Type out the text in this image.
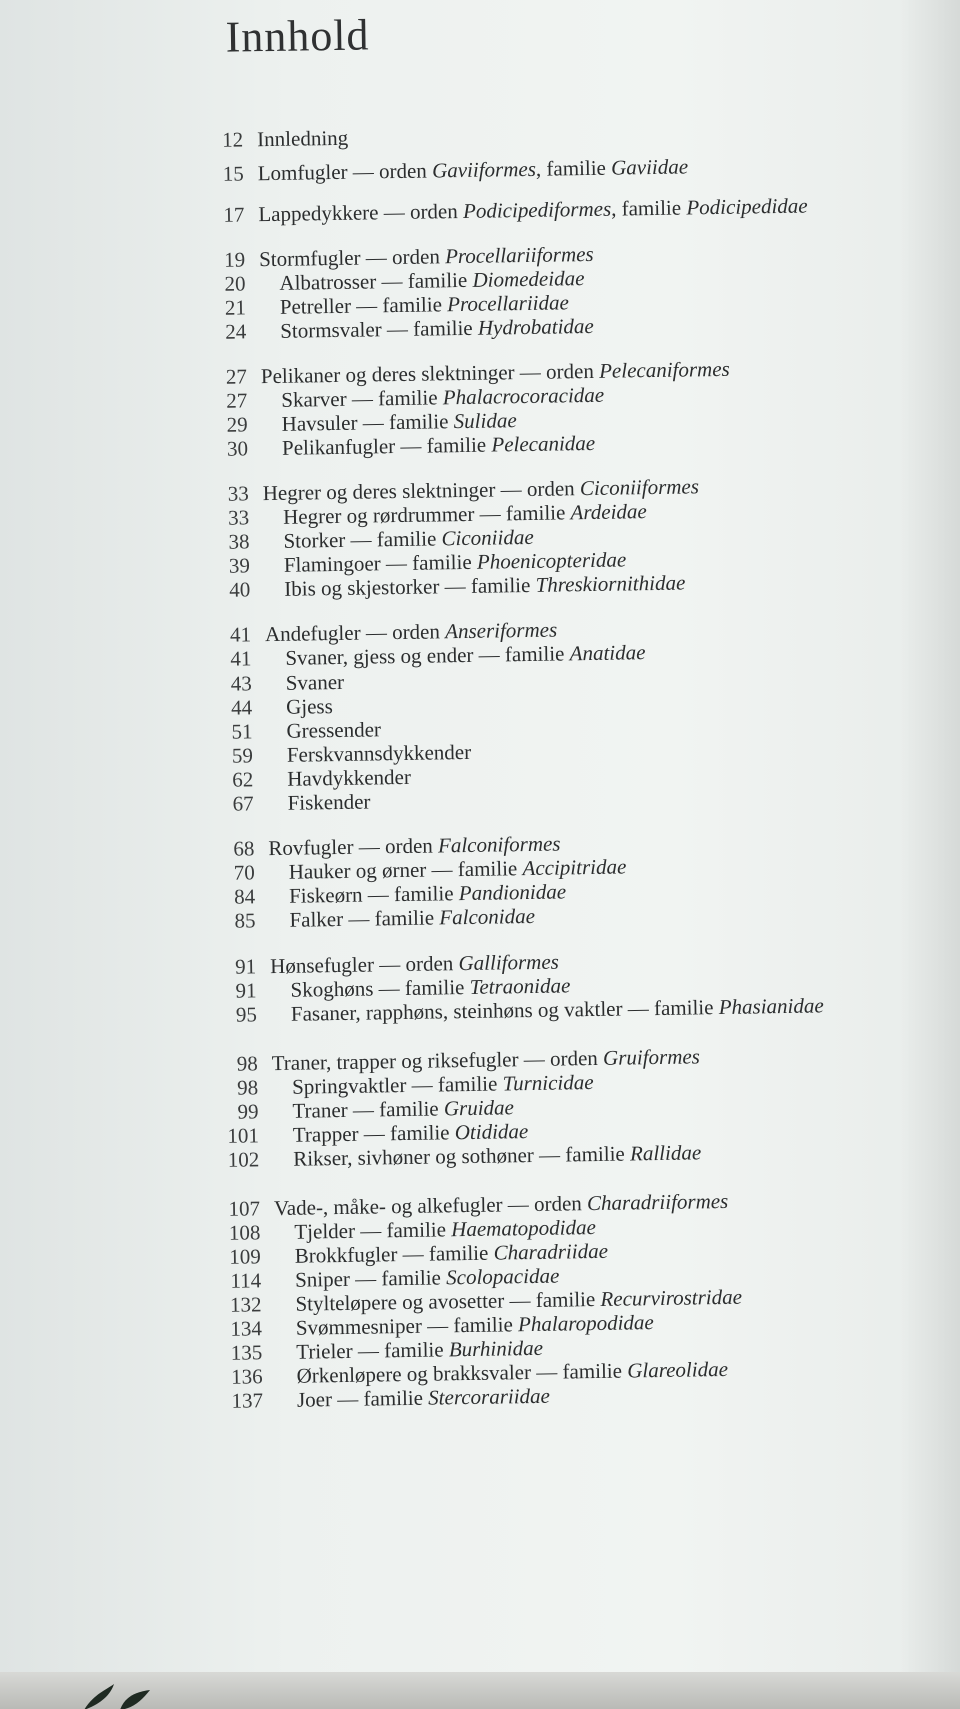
Innhold
12 Innledning
15 Lomfugler — orden Gaviiformes, familie Gaviidae
17 Lappedykkere — orden Podicipediformes, familie Podicipedidae
19 Stormfugler — orden Procellariiformes
20 Albatrosser — familie Diomedeidae
21 Petreller — familie Procellariidae
24 Stormsvaler — familie Hydrobatidae
27 Pelikaner og deres slektninger — orden Pelecaniformes
27 Skarver — familie Phalacrocoracidae
29 Havsuler — familie Sulidae
30 Pelikanfugler — familie Pelecanidae
33 Hegrer og deres slektninger — orden Ciconiiformes
33 Hegrer og rørdrummer — familie Ardeidae
38 Storker — familie Ciconiidae
39 Flamingoer — familie Phoenicopteridae
40 Ibis og skjestorker — familie Threskiornithidae
41 Andefugler — orden Anseriformes
41 Svaner, gjess og ender — familie Anatidae
43 Svaner
44 Gjess
51 Gressender
59 Ferskvannsdykkender
62 Havdykkender
67 Fiskender
68 Rovfugler — orden Falconiformes
70 Hauker og ørner — familie Accipitridae
84 Fiskeørn — familie Pandionidae
85 Falker — familie Falconidae
91 Hønsefugler — orden Galliformes
91 Skoghøns — familie Tetraonidae
95 Fasaner, rapphøns, steinhøns og vaktler — familie Phasianidae
98 Traner, trapper og riksefugler — orden Gruiformes
98 Springvaktler — familie Turnicidae
99 Traner — familie Gruidae
101 Trapper — familie Otididae
102 Rikser, sivhøner og sothøner — familie Rallidae
107 Vade-, måke- og alkefugler — orden Charadriiformes
108 Tjelder — familie Haematopodidae
109 Brokkfugler — familie Charadriidae
114 Sniper — familie Scolopacidae
132 Stylteløpere og avosetter — familie Recurvirostridae
134 Svømmesniper — familie Phalaropodidae
135 Trieler — familie Burhinidae
136 Ørkenløpere og brakksvaler — familie Glareolidae
137 Joer — familie Stercorariidae
